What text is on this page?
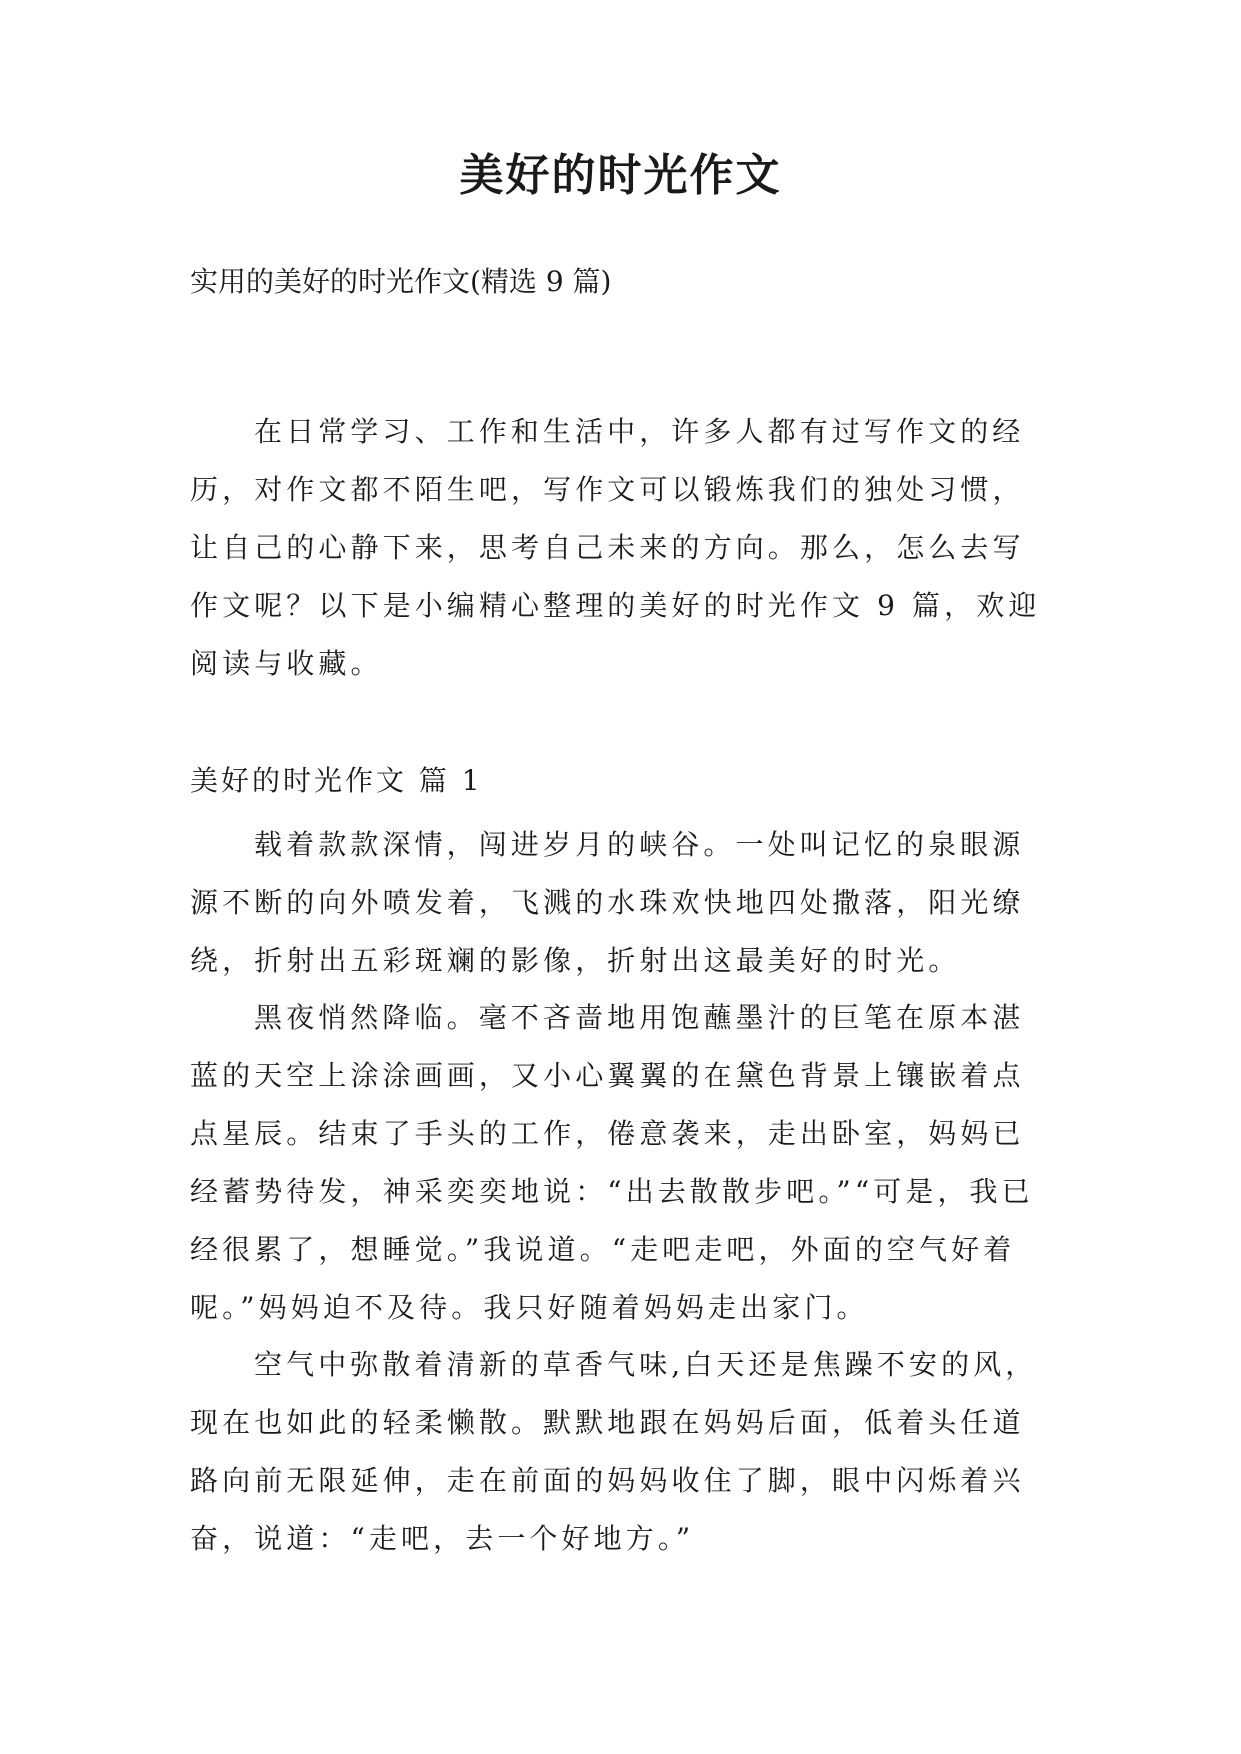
美好的时光作文

实用的美好的时光作文(精选 9 篇)

在日常学习、工作和生活中，许多人都有过写作文的经历，对作文都不陌生吧，写作文可以锻炼我们的独处习惯，让自己的心静下来，思考自己未来的方向。那么，怎么去写作文呢？以下是小编精心整理的美好的时光作文 9 篇，欢迎阅读与收藏。

美好的时光作文 篇 1

载着款款深情，闯进岁月的峡谷。一处叫记忆的泉眼源源不断的向外喷发着，飞溅的水珠欢快地四处撒落，阳光缭绕，折射出五彩斑斓的影像，折射出这最美好的时光。

黑夜悄然降临。毫不吝啬地用饱蘸墨汁的巨笔在原本湛蓝的天空上涂涂画画，又小心翼翼的在黛色背景上镶嵌着点点星辰。结束了手头的工作，倦意袭来，走出卧室，妈妈已经蓄势待发，神采奕奕地说：“出去散散步吧。”“可是，我已经很累了，想睡觉。”我说道。“走吧走吧，外面的空气好着呢。”妈妈迫不及待。我只好随着妈妈走出家门。

空气中弥散着清新的草香气味,白天还是焦躁不安的风，现在也如此的轻柔懒散。默默地跟在妈妈后面，低着头任道路向前无限延伸，走在前面的妈妈收住了脚，眼中闪烁着兴奋，说道：“走吧，去一个好地方。”
